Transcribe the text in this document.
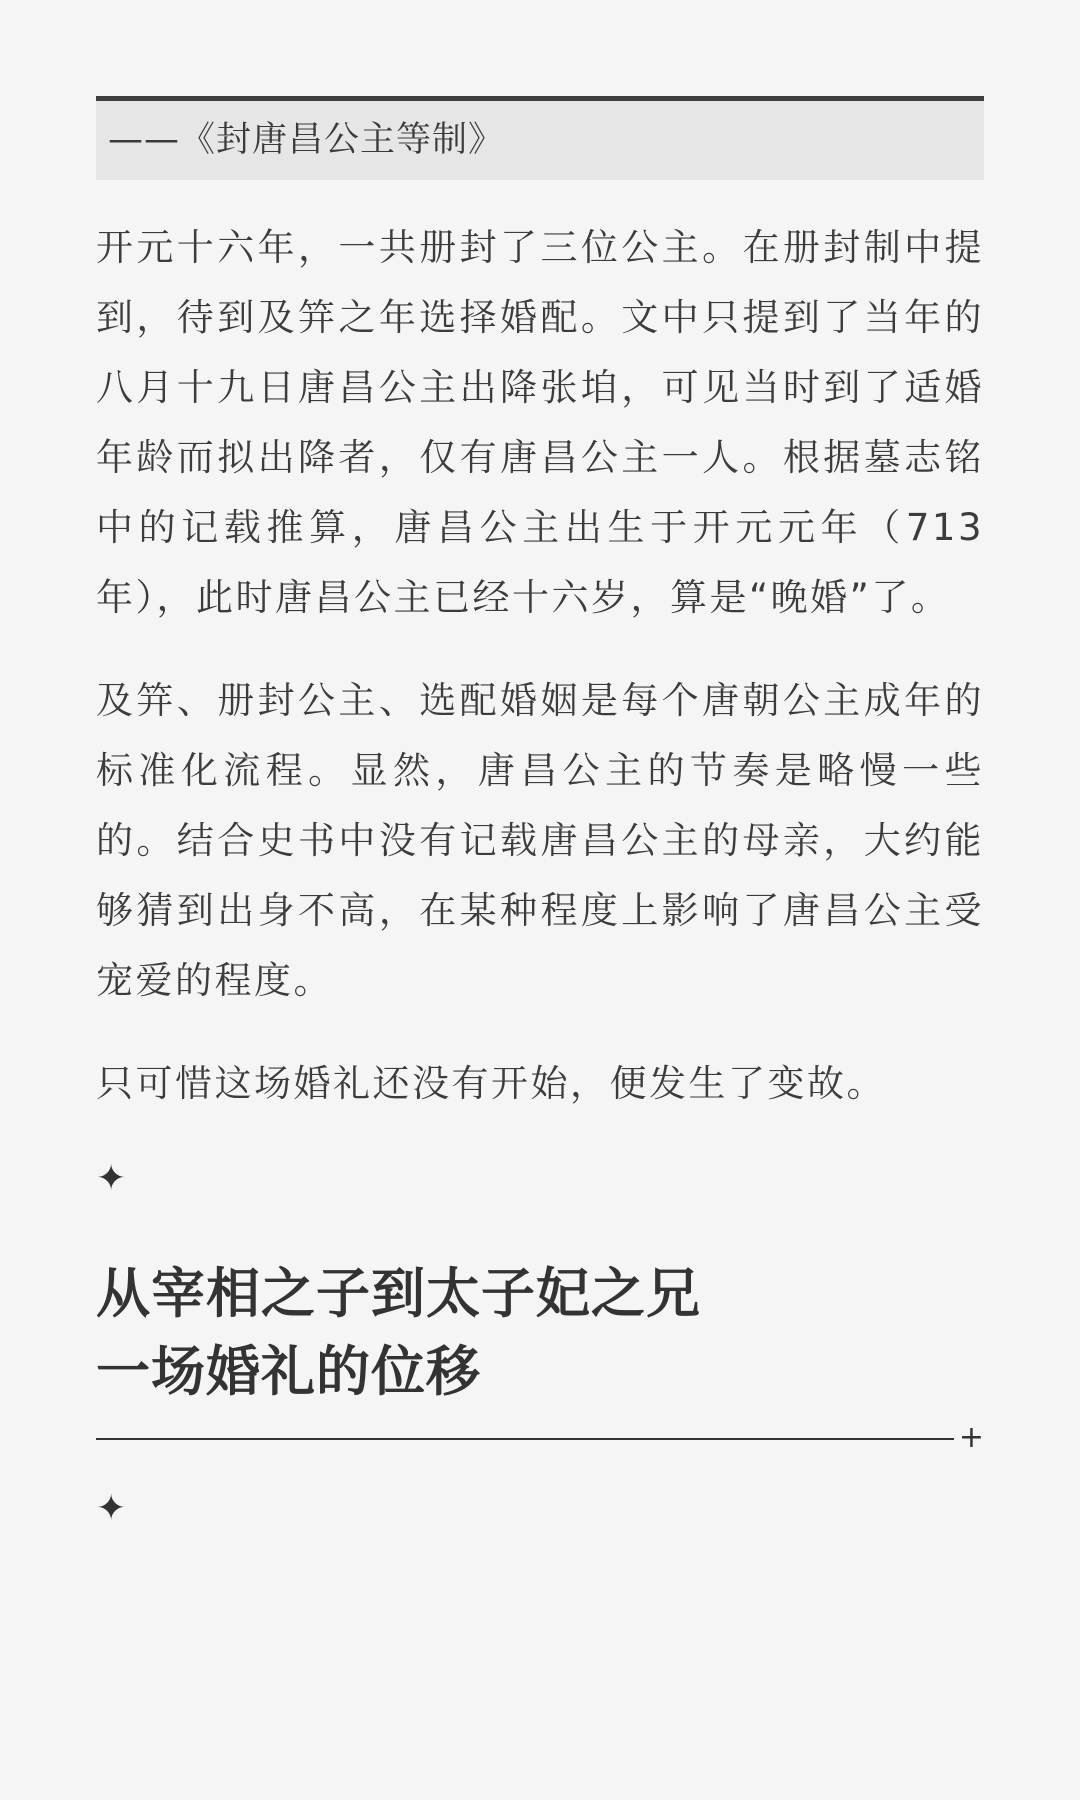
——《封唐昌公主等制》

开元十六年，一共册封了三位公主。在册封制中提到，待到及笄之年选择婚配。文中只提到了当年的八月十九日唐昌公主出降张垍，可见当时到了适婚年龄而拟出降者，仅有唐昌公主一人。根据墓志铭中的记载推算，唐昌公主出生于开元元年（713年），此时唐昌公主已经十六岁，算是“晚婚”了。

及笄、册封公主、选配婚姻是每个唐朝公主成年的标准化流程。显然，唐昌公主的节奏是略慢一些的。结合史书中没有记载唐昌公主的母亲，大约能够猜到出身不高，在某种程度上影响了唐昌公主受宠爱的程度。

只可惜这场婚礼还没有开始，便发生了变故。

✦
从宰相之子到太子妃之兄
一场婚礼的位移
+
✦
